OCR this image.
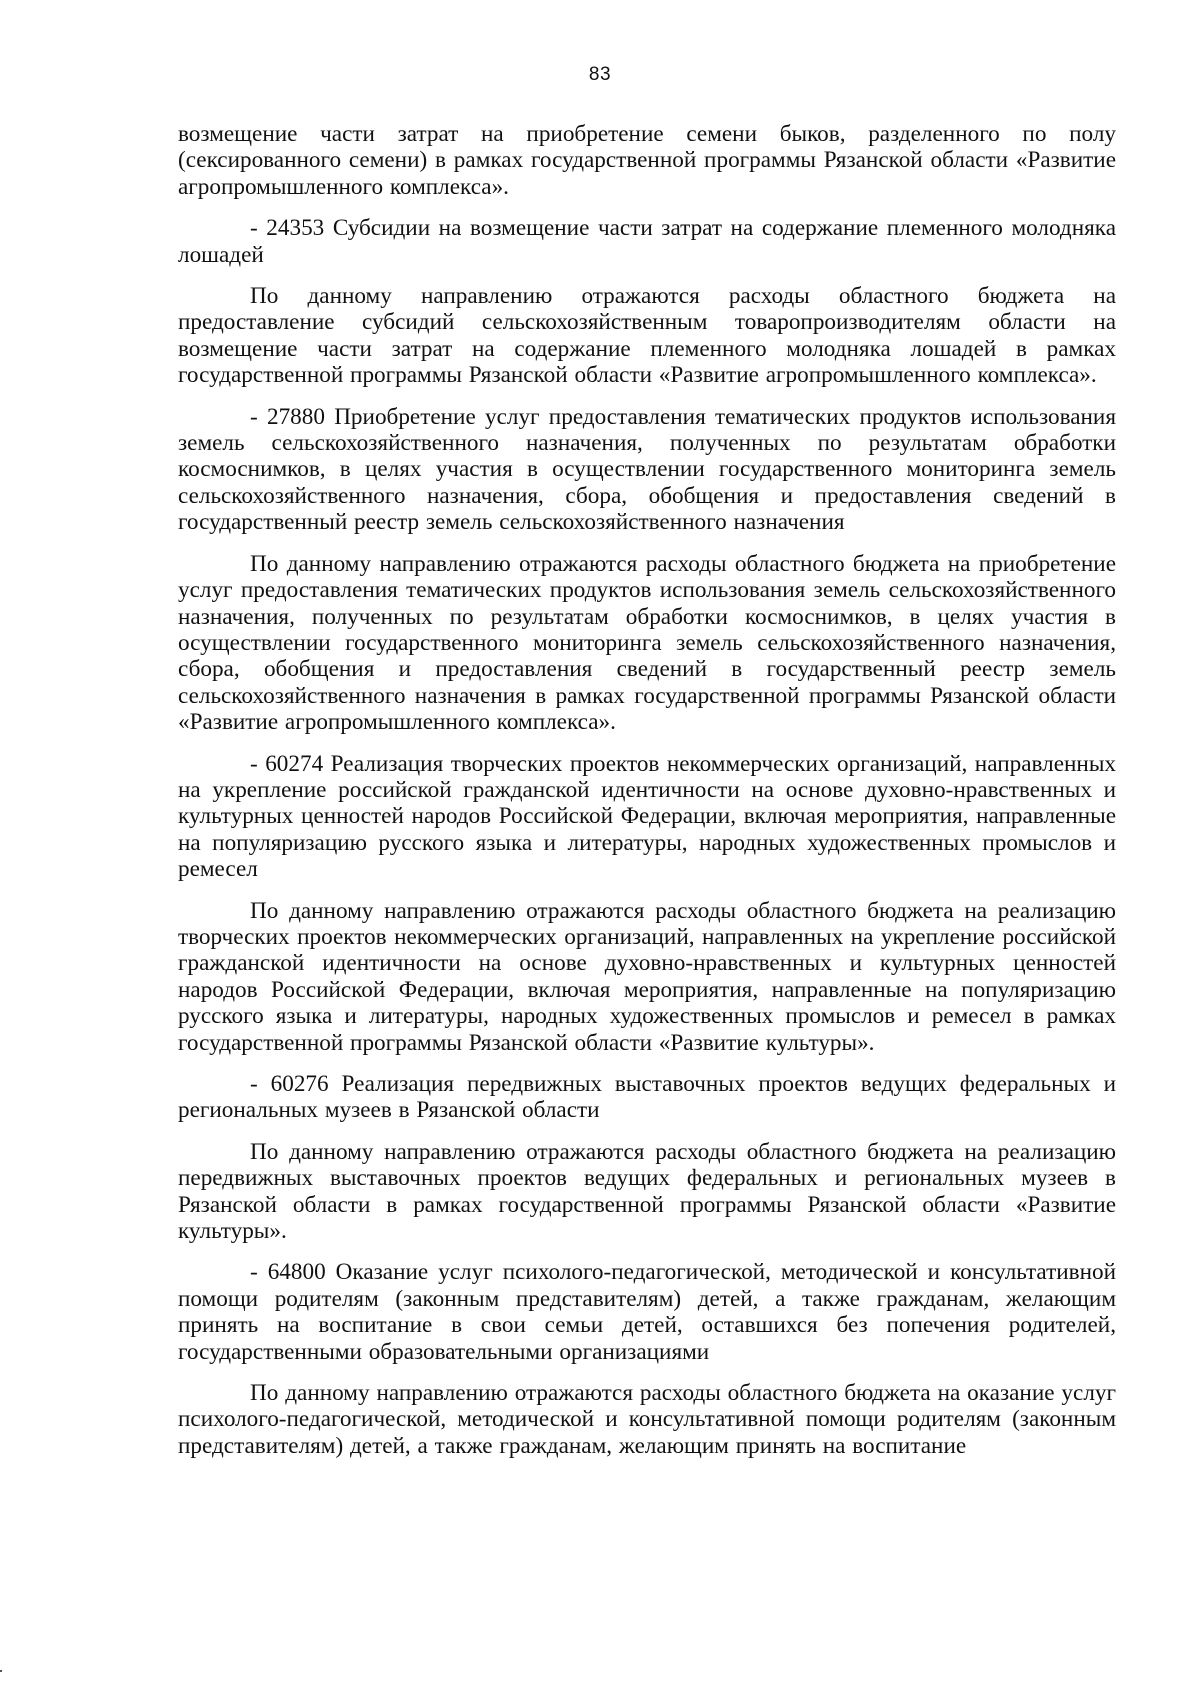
83

возмещение части затрат на приобретение семени быков, разделенного по полу (сексированного семени) в рамках государственной программы Рязанской области «Развитие агропромышленного комплекса».

- 24353 Субсидии на возмещение части затрат на содержание племенного молодняка лошадей

По данному направлению отражаются расходы областного бюджета на предоставление субсидий сельскохозяйственным товаропроизводителям области на возмещение части затрат на содержание племенного молодняка лошадей в рамках государственной программы Рязанской области «Развитие агропромышленного комплекса».

- 27880 Приобретение услуг предоставления тематических продуктов использования земель сельскохозяйственного назначения, полученных по результатам обработки космоснимков, в целях участия в осуществлении государственного мониторинга земель сельскохозяйственного назначения, сбора, обобщения и предоставления сведений в государственный реестр земель сельскохозяйственного назначения

По данному направлению отражаются расходы областного бюджета на приобретение услуг предоставления тематических продуктов использования земель сельскохозяйственного назначения, полученных по результатам обработки космоснимков, в целях участия в осуществлении государственного мониторинга земель сельскохозяйственного назначения, сбора, обобщения и предоставления сведений в государственный реестр земель сельскохозяйственного назначения в рамках государственной программы Рязанской области «Развитие агропромышленного комплекса».

- 60274 Реализация творческих проектов некоммерческих организаций, направленных на укрепление российской гражданской идентичности на основе духовно-нравственных и культурных ценностей народов Российской Федерации, включая мероприятия, направленные на популяризацию русского языка и литературы, народных художественных промыслов и ремесел

По данному направлению отражаются расходы областного бюджета на реализацию творческих проектов некоммерческих организаций, направленных на укрепление российской гражданской идентичности на основе духовно-нравственных и культурных ценностей народов Российской Федерации, включая мероприятия, направленные на популяризацию русского языка и литературы, народных художественных промыслов и ремесел в рамках государственной программы Рязанской области «Развитие культуры».

- 60276 Реализация передвижных выставочных проектов ведущих федеральных и региональных музеев в Рязанской области

По данному направлению отражаются расходы областного бюджета на реализацию передвижных выставочных проектов ведущих федеральных и региональных музеев в Рязанской области в рамках государственной программы Рязанской области «Развитие культуры».

- 64800 Оказание услуг психолого-педагогической, методической и консультативной помощи родителям (законным представителям) детей, а также гражданам, желающим принять на воспитание в свои семьи детей, оставшихся без попечения родителей, государственными образовательными организациями

По данному направлению отражаются расходы областного бюджета на оказание услуг психолого-педагогической, методической и консультативной помощи родителям (законным представителям) детей, а также гражданам, желающим принять на воспитание
